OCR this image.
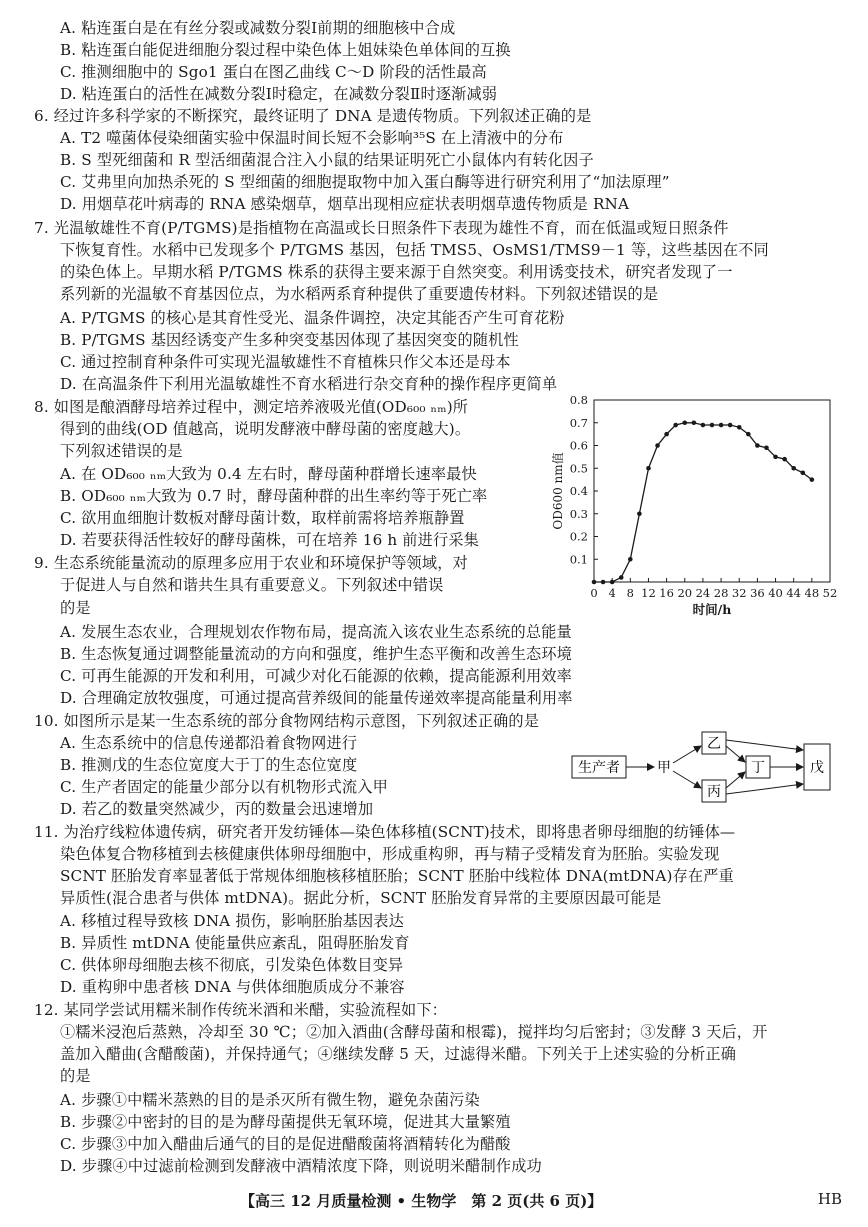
A. 粘连蛋白是在有丝分裂或减数分裂Ⅰ前期的细胞核中合成
B. 粘连蛋白能促进细胞分裂过程中染色体上姐妹染色单体间的互换
C. 推测细胞中的 Sgo1 蛋白在图乙曲线 C～D 阶段的活性最高
D. 粘连蛋白的活性在减数分裂Ⅰ时稳定，在减数分裂Ⅱ时逐渐减弱
6. 经过许多科学家的不断探究，最终证明了 DNA 是遗传物质。下列叙述正确的是
A. T2 噬菌体侵染细菌实验中保温时间长短不会影响³⁵S 在上清液中的分布
B. S 型死细菌和 R 型活细菌混合注入小鼠的结果证明死亡小鼠体内有转化因子
C. 艾弗里向加热杀死的 S 型细菌的细胞提取物中加入蛋白酶等进行研究利用了“加法原理”
D. 用烟草花叶病毒的 RNA 感染烟草，烟草出现相应症状表明烟草遗传物质是 RNA
7. 光温敏雄性不育(P/TGMS)是指植物在高温或长日照条件下表现为雄性不育，而在低温或短日照条件
下恢复育性。水稻中已发现多个 P/TGMS 基因，包括 TMS5、OsMS1/TMS9－1 等，这些基因在不同
的染色体上。早期水稻 P/TGMS 株系的获得主要来源于自然突变。利用诱变技术，研究者发现了一
系列新的光温敏不育基因位点，为水稻两系育种提供了重要遗传材料。下列叙述错误的是
A. P/TGMS 的核心是其育性受光、温条件调控，决定其能否产生可育花粉
B. P/TGMS 基因经诱变产生多种突变基因体现了基因突变的随机性
C. 通过控制育种条件可实现光温敏雄性不育植株只作父本还是母本
D. 在高温条件下利用光温敏雄性不育水稻进行杂交育种的操作程序更简单
8. 如图是酿酒酵母培养过程中，测定培养液吸光值(OD₆₀₀ ₙₘ)所
得到的曲线(OD 值越高，说明发酵液中酵母菌的密度越大)。
下列叙述错误的是
A. 在 OD₆₀₀ ₙₘ大致为 0.4 左右时，酵母菌种群增长速率最快
B. OD₆₀₀ ₙₘ大致为 0.7 时，酵母菌种群的出生率约等于死亡率
C. 欲用血细胞计数板对酵母菌计数，取样前需将培养瓶静置
D. 若要获得活性较好的酵母菌株，可在培养 16 h 前进行采集
9. 生态系统能量流动的原理多应用于农业和环境保护等领域，对
于促进人与自然和谐共生具有重要意义。下列叙述中错误
的是
A. 发展生态农业，合理规划农作物布局，提高流入该农业生态系统的总能量
B. 生态恢复通过调整能量流动的方向和强度，维护生态平衡和改善生态环境
C. 可再生能源的开发和利用，可减少对化石能源的依赖，提高能源利用效率
D. 合理确定放牧强度，可通过提高营养级间的能量传递效率提高能量利用率
10. 如图所示是某一生态系统的部分食物网结构示意图，下列叙述正确的是
A. 生态系统中的信息传递都沿着食物网进行
B. 推测戊的生态位宽度大于丁的生态位宽度
C. 生产者固定的能量少部分以有机物形式流入甲
D. 若乙的数量突然减少，丙的数量会迅速增加
11. 为治疗线粒体遗传病，研究者开发纺锤体—染色体移植(SCNT)技术，即将患者卵母细胞的纺锤体—
染色体复合物移植到去核健康供体卵母细胞中，形成重构卵，再与精子受精发育为胚胎。实验发现
SCNT 胚胎发育率显著低于常规体细胞核移植胚胎；SCNT 胚胎中线粒体 DNA(mtDNA)存在严重
异质性(混合患者与供体 mtDNA)。据此分析，SCNT 胚胎发育异常的主要原因最可能是
A. 移植过程导致核 DNA 损伤，影响胚胎基因表达
B. 异质性 mtDNA 使能量供应紊乱，阻碍胚胎发育
C. 供体卵母细胞去核不彻底，引发染色体数目变异
D. 重构卵中患者核 DNA 与供体细胞质成分不兼容
12. 某同学尝试用糯米制作传统米酒和米醋，实验流程如下：
①糯米浸泡后蒸熟，冷却至 30 ℃；②加入酒曲(含酵母菌和根霉)，搅拌均匀后密封；③发酵 3 天后，开
盖加入醋曲(含醋酸菌)，并保持通气；④继续发酵 5 天，过滤得米醋。下列关于上述实验的分析正确
的是
A. 步骤①中糯米蒸熟的目的是杀灭所有微生物，避免杂菌污染
B. 步骤②中密封的目的是为酵母菌提供无氧环境，促进其大量繁殖
C. 步骤③中加入醋曲后通气的目的是促进醋酸菌将酒精转化为醋酸
D. 步骤④中过滤前检测到发酵液中酒精浓度下降，则说明米醋制作成功
【高三 12 月质量检测 • 生物学　第 2 页(共 6 页)】	HB
0.1
0.2
0.3
0.4
0.5
0.6
0.7
0.8
0 4 8 12 16 20 24 28 32 36 40 44 48 52
时间/h
OD600 nm值
生产者	甲
乙
丙
丁	戊
